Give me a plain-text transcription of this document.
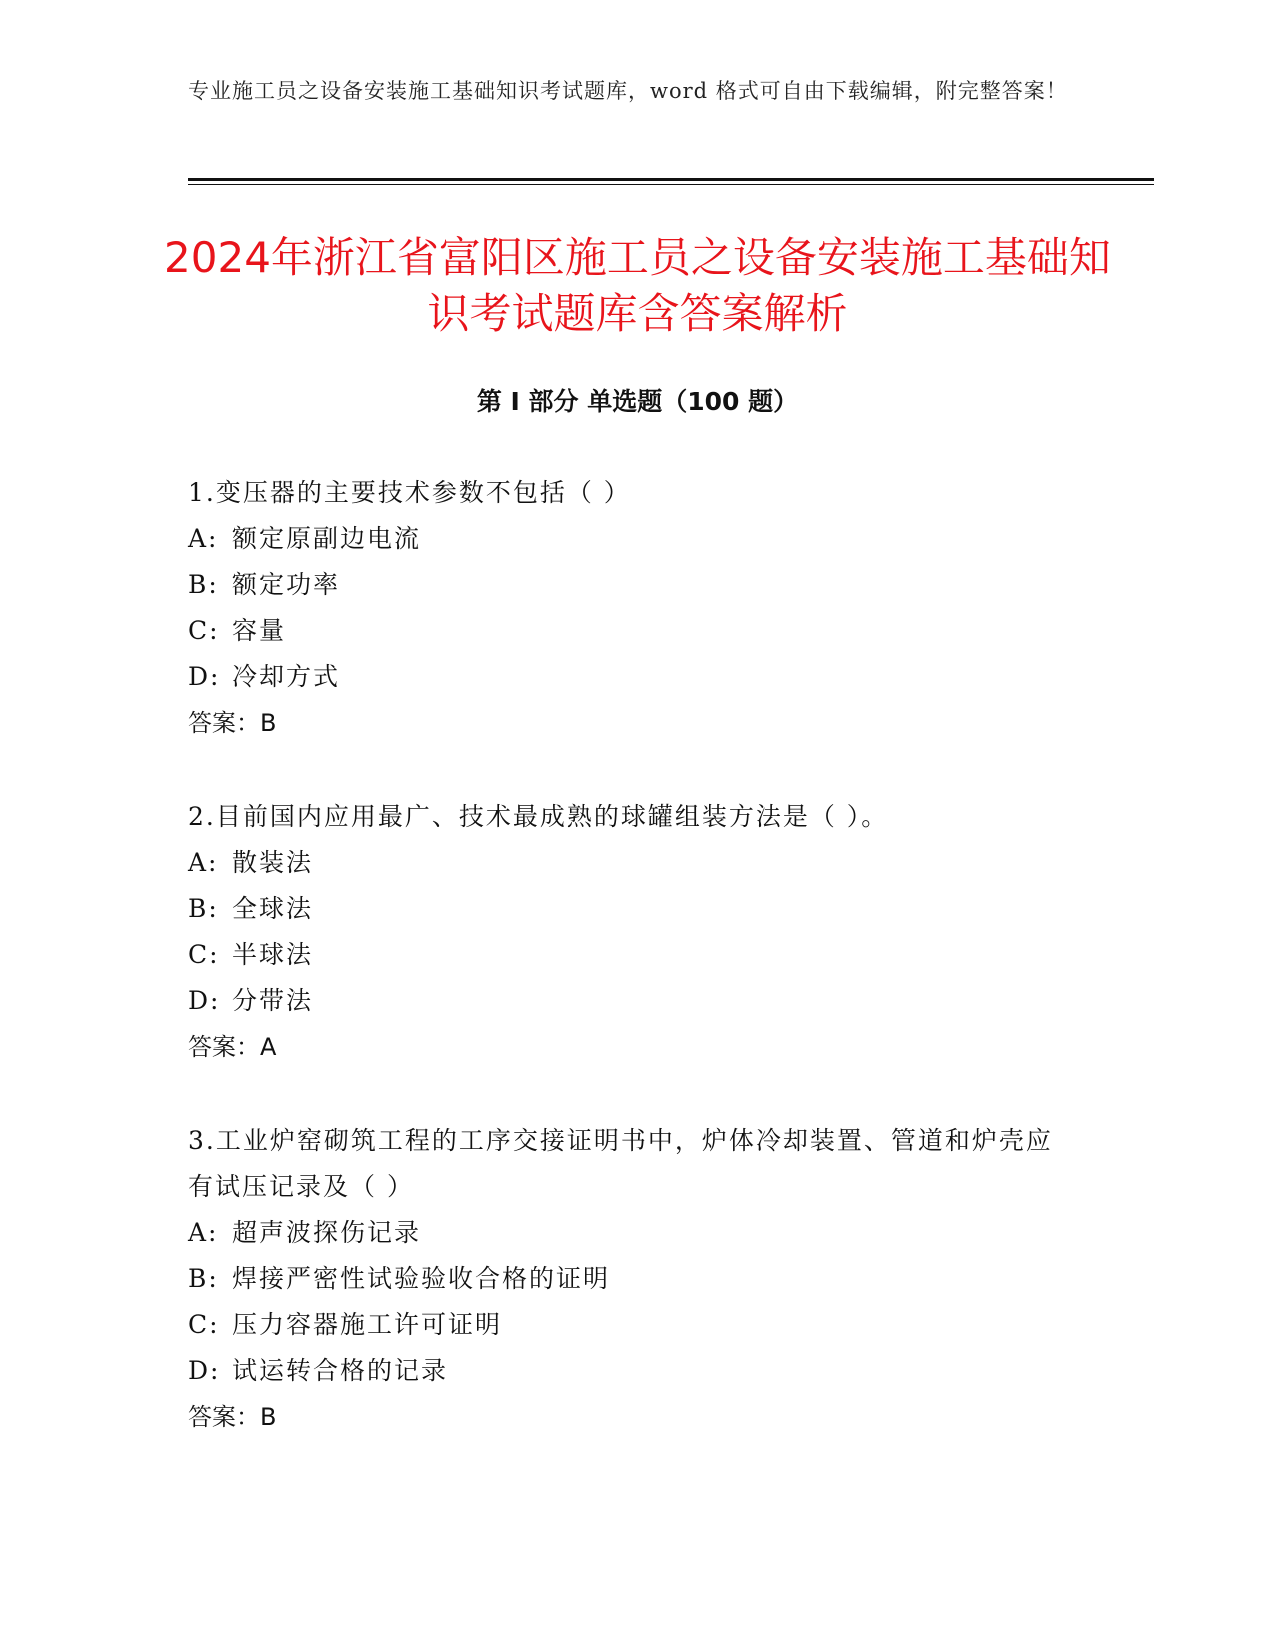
专业施工员之设备安装施工基础知识考试题库，word 格式可自由下载编辑，附完整答案！
2024年浙江省富阳区施工员之设备安装施工基础知识考试题库含答案解析
第 I 部分 单选题（100 题）

1.变压器的主要技术参数不包括（ ）

A: 额定原副边电流

B: 额定功率

C: 容量

D: 冷却方式

答案：B

2.目前国内应用最广、技术最成熟的球罐组装方法是（ ）。

A: 散装法

B: 全球法

C: 半球法

D: 分带法

答案：A

3.工业炉窑砌筑工程的工序交接证明书中，炉体冷却装置、管道和炉壳应有试压记录及（ ）

A: 超声波探伤记录

B: 焊接严密性试验验收合格的证明

C: 压力容器施工许可证明

D: 试运转合格的记录

答案：B
